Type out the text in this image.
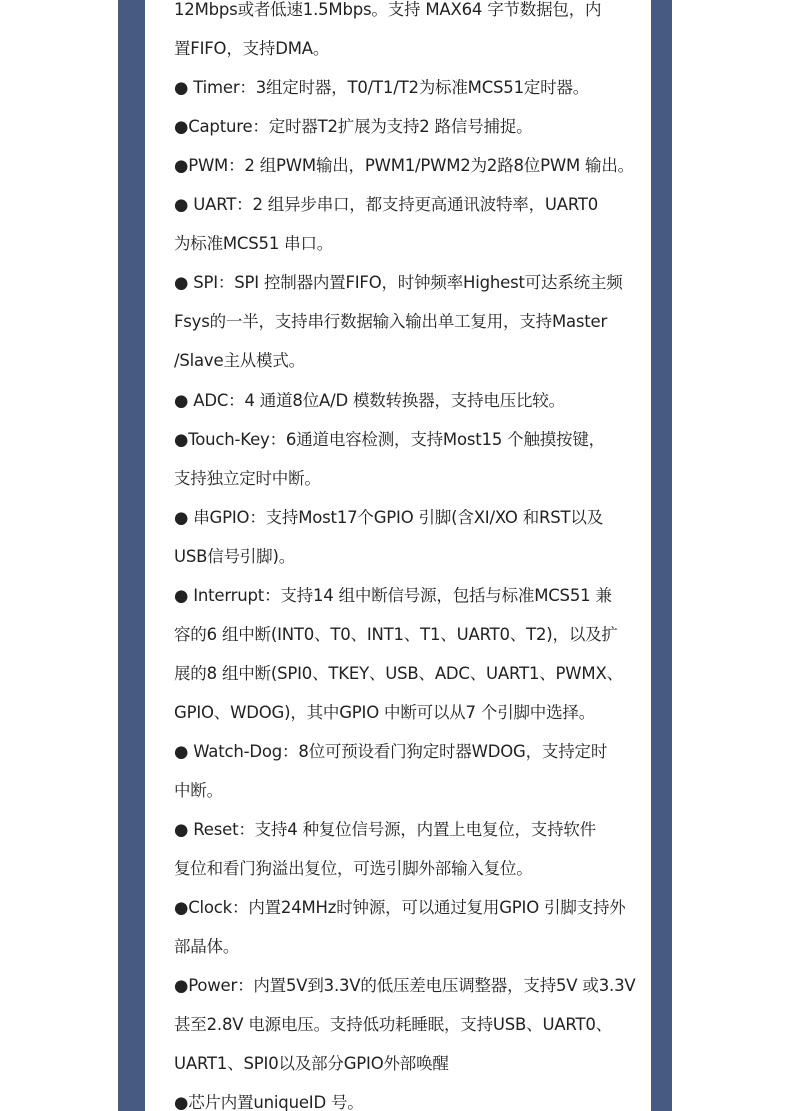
12Mbps或者低速1.5Mbps。支持 MAX64 字节数据包，内
置FIFO，支持DMA。
● Timer：3组定时器，T0/T1/T2为标准MCS51定时器。
●Capture：定时器T2扩展为支持2 路信号捕捉。
●PWM：2 组PWM输出，PWM1/PWM2为2路8位PWM 输出。
● UART：2 组异步串口，都支持更高通讯波特率，UART0
为标准MCS51 串口。
● SPI：SPI 控制器内置FIFO，时钟频率Highest可达系统主频
Fsys的一半，支持串行数据输入输出单工复用，支持Master
/Slave主从模式。
● ADC：4 通道8位A/D 模数转换器，支持电压比较。
●Touch-Key：6通道电容检测，支持Most15 个触摸按键，
支持独立定时中断。
● 串GPIO：支持Most17个GPIO 引脚(含XI/XO 和RST以及
USB信号引脚)。
● Interrupt：支持14 组中断信号源，包括与标准MCS51 兼
容的6 组中断(INT0、T0、INT1、T1、UART0、T2)，以及扩
展的8 组中断(SPI0、TKEY、USB、ADC、UART1、PWMX、
GPIO、WDOG)，其中GPIO 中断可以从7 个引脚中选择。
● Watch-Dog：8位可预设看门狗定时器WDOG，支持定时
中断。
● Reset：支持4 种复位信号源，内置上电复位，支持软件
复位和看门狗溢出复位，可选引脚外部输入复位。
●Clock：内置24MHz时钟源，可以通过复用GPIO 引脚支持外
部晶体。
●Power：内置5V到3.3V的低压差电压调整器，支持5V 或3.3V
甚至2.8V 电源电压。支持低功耗睡眠，支持USB、UART0、
UART1、SPI0以及部分GPIO外部唤醒
●芯片内置uniqueID 号。
